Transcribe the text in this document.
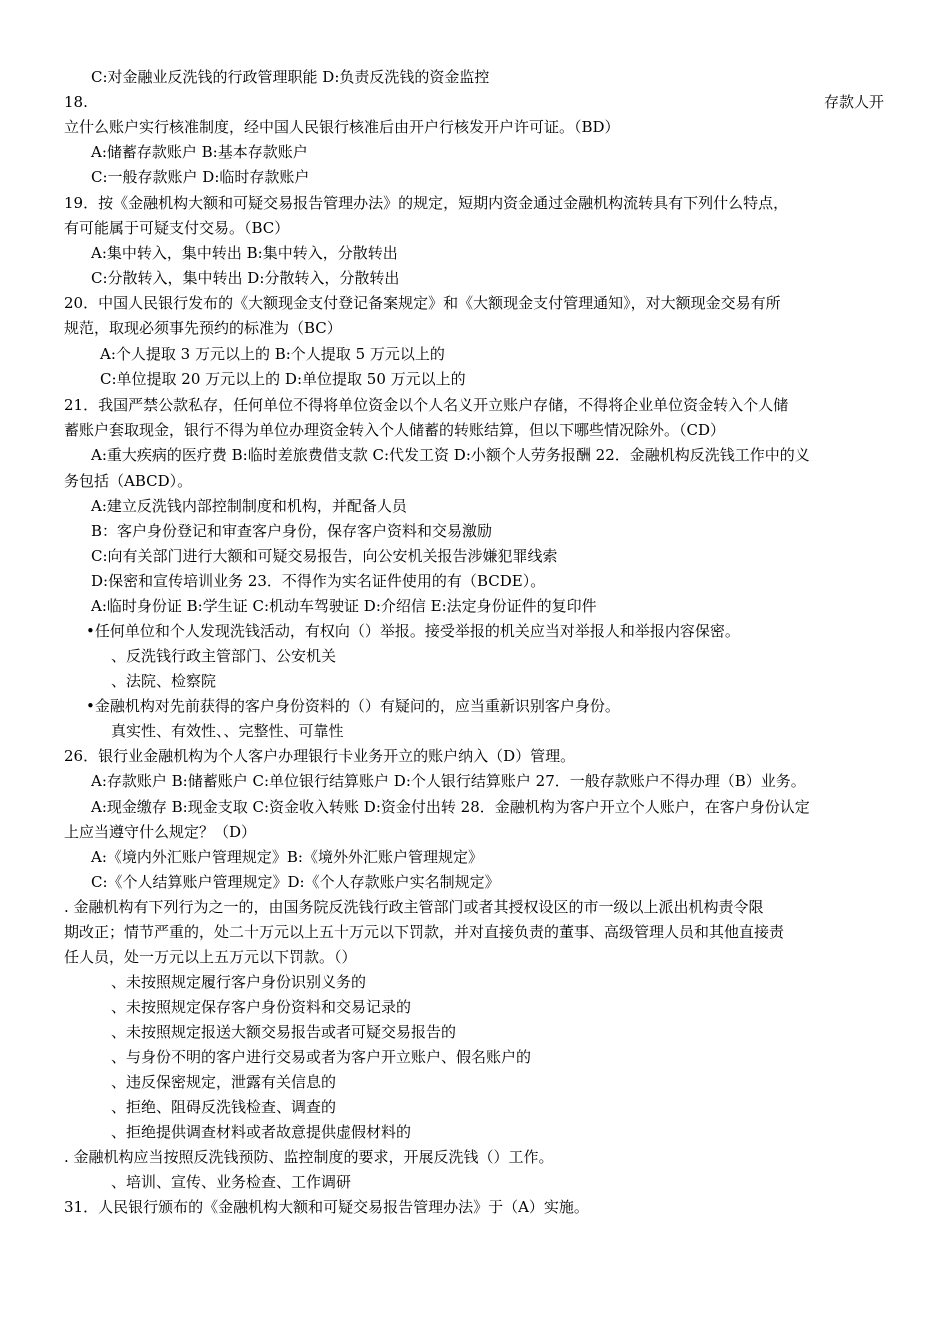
C:对金融业反洗钱的行政管理职能 D:负责反洗钱的资金监控
18.	存款人开
立什么账户实行核准制度，经中国人民银行核准后由开户行核发开户许可证。（BD）
A:储蓄存款账户 B:基本存款账户
C:一般存款账户 D:临时存款账户
19．按《金融机构大额和可疑交易报告管理办法》的规定，短期内资金通过金融机构流转具有下列什么特点，
有可能属于可疑支付交易。（BC）
A:集中转入，集中转出 B:集中转入，分散转出
C:分散转入，集中转出 D:分散转入，分散转出
20．中国人民银行发布的《大额现金支付登记备案规定》和《大额现金支付管理通知》，对大额现金交易有所
规范，取现必须事先预约的标准为（BC）
A:个人提取 3 万元以上的 B:个人提取 5 万元以上的
C:单位提取 20 万元以上的 D:单位提取 50 万元以上的
21．我国严禁公款私存，任何单位不得将单位资金以个人名义开立账户存储，不得将企业单位资金转入个人储
蓄账户套取现金，银行不得为单位办理资金转入个人储蓄的转账结算，但以下哪些情况除外。（CD）
A:重大疾病的医疗费 B:临时差旅费借支款 C:代发工资 D:小额个人劳务报酬 22．金融机构反洗钱工作中的义
务包括（ABCD）。
A:建立反洗钱内部控制制度和机构，并配备人员
B：客户身份登记和审查客户身份，保存客户资料和交易激励
C:向有关部门进行大额和可疑交易报告，向公安机关报告涉嫌犯罪线索
D:保密和宣传培训业务 23．不得作为实名证件使用的有（BCDE）。
A:临时身份证 B:学生证 C:机动车驾驶证 D:介绍信 E:法定身份证件的复印件
•任何单位和个人发现洗钱活动，有权向（）举报。接受举报的机关应当对举报人和举报内容保密。
、反洗钱行政主管部门、公安机关
、法院、检察院
•金融机构对先前获得的客户身份资料的（）有疑问的，应当重新识别客户身份。
真实性、有效性、、完整性、可靠性
26．银行业金融机构为个人客户办理银行卡业务开立的账户纳入（D）管理。
A:存款账户 B:储蓄账户 C:单位银行结算账户 D:个人银行结算账户 27．一般存款账户不得办理（B）业务。
A:现金缴存 B:现金支取 C:资金收入转账 D:资金付出转 28．金融机构为客户开立个人账户，在客户身份认定
上应当遵守什么规定？（D）
A:《境内外汇账户管理规定》B:《境外外汇账户管理规定》
C:《个人结算账户管理规定》D:《个人存款账户实名制规定》
. 金融机构有下列行为之一的，由国务院反洗钱行政主管部门或者其授权设区的市一级以上派出机构责令限
期改正；情节严重的，处二十万元以上五十万元以下罚款，并对直接负责的董事、高级管理人员和其他直接责
任人员，处一万元以上五万元以下罚款。（）
、未按照规定履行客户身份识别义务的
、未按照规定保存客户身份资料和交易记录的
、未按照规定报送大额交易报告或者可疑交易报告的
、与身份不明的客户进行交易或者为客户开立账户、假名账户的
、违反保密规定，泄露有关信息的
、拒绝、阻碍反洗钱检查、调查的
、拒绝提供调查材料或者故意提供虚假材料的
. 金融机构应当按照反洗钱预防、监控制度的要求，开展反洗钱（）工作。
、培训、宣传、业务检查、工作调研
31．人民银行颁布的《金融机构大额和可疑交易报告管理办法》于（A）实施。
